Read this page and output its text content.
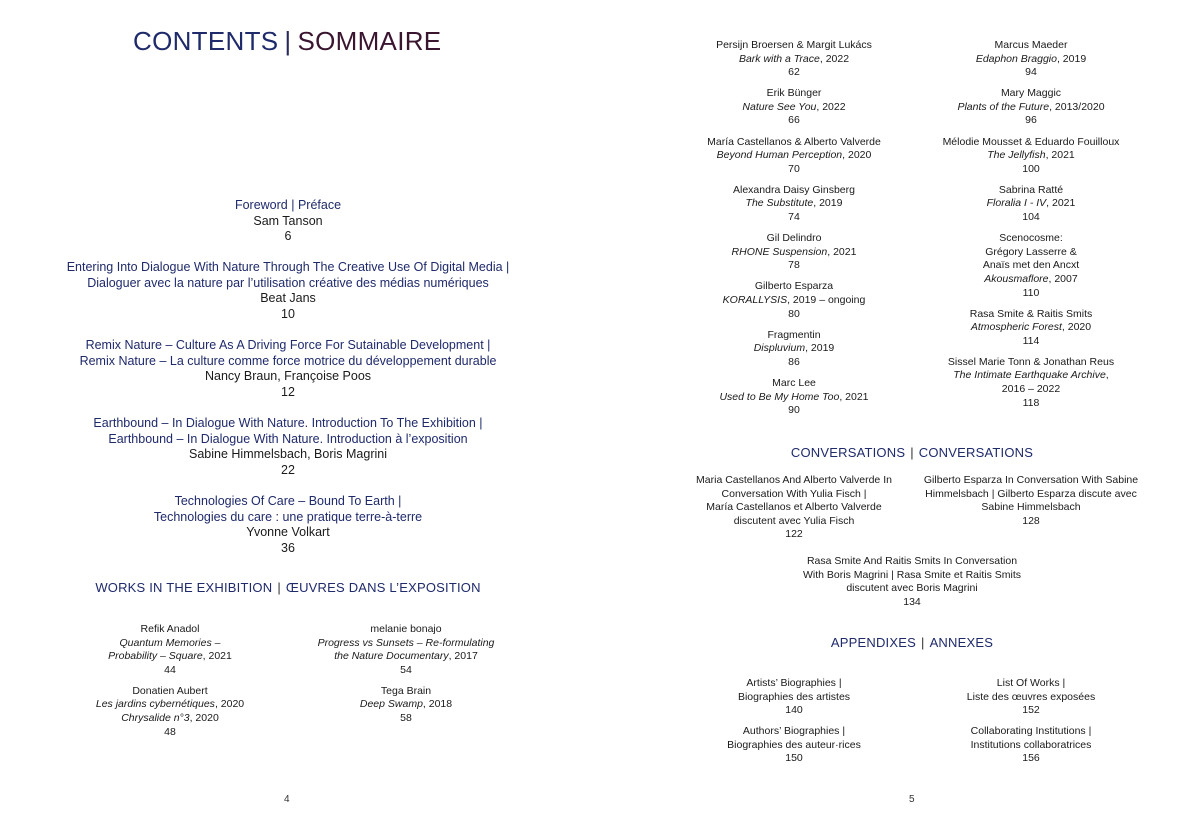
CONTENTS | SOMMAIRE
Foreword | Préface
Sam Tanson
6
Entering Into Dialogue With Nature Through The Creative Use Of Digital Media |
Dialoguer avec la nature par l’utilisation créative des médias numériques
Beat Jans
10
Remix Nature – Culture As A Driving Force For Sutainable Development |
Remix Nature – La culture comme force motrice du développement durable
Nancy Braun, Françoise Poos
12
Earthbound – In Dialogue With Nature. Introduction To The Exhibition |
Earthbound – In Dialogue With Nature. Introduction à l’exposition
Sabine Himmelsbach, Boris Magrini
22
Technologies Of Care – Bound To Earth |
Technologies du care : une pratique terre-à-terre
Yvonne Volkart
36
WORKS IN THE EXHIBITION | ŒUVRES DANS L’EXPOSITION
Refik Anadol
Quantum Memories –
Probability – Square, 2021
44
Donatien Aubert
Les jardins cybernétiques, 2020
Chrysalide n°3, 2020
48
melanie bonajo
Progress vs Sunsets – Re-formulating
the Nature Documentary, 2017
54
Tega Brain
Deep Swamp, 2018
58
4
Persijn Broersen & Margit Lukács
Bark with a Trace, 2022
62
Erik Bünger
Nature See You, 2022
66
María Castellanos & Alberto Valverde
Beyond Human Perception, 2020
70
Alexandra Daisy Ginsberg
The Substitute, 2019
74
Gil Delindro
RHONE Suspension, 2021
78
Gilberto Esparza
KORALLYSIS, 2019 – ongoing
80
Fragmentin
Displuvium, 2019
86
Marc Lee
Used to Be My Home Too, 2021
90
Marcus Maeder
Edaphon Braggio, 2019
94
Mary Maggic
Plants of the Future, 2013/2020
96
Mélodie Mousset & Eduardo Fouilloux
The Jellyfish, 2021
100
Sabrina Ratté
Floralia I - IV, 2021
104
Scenocosme:
Grégory Lasserre &
Anaïs met den Ancxt
Akousmaflore, 2007
110
Rasa Smite & Raitis Smits
Atmospheric Forest, 2020
114
Sissel Marie Tonn & Jonathan Reus
The Intimate Earthquake Archive,
2016 – 2022
118
CONVERSATIONS | CONVERSATIONS
Maria Castellanos And Alberto Valverde In
Conversation With Yulia Fisch |
María Castellanos et Alberto Valverde
discutent avec Yulia Fisch
122
Gilberto Esparza In Conversation With Sabine
Himmelsbach | Gilberto Esparza discute avec
Sabine Himmelsbach
128
Rasa Smite And Raitis Smits In Conversation
With Boris Magrini | Rasa Smite et Raitis Smits
discutent avec Boris Magrini
134
APPENDIXES | ANNEXES
Artists’ Biographies |
Biographies des artistes
140
Authors’ Biographies |
Biographies des auteur·rices
150
List Of Works |
Liste des œuvres exposées
152
Collaborating Institutions |
Institutions collaboratrices
156
5
